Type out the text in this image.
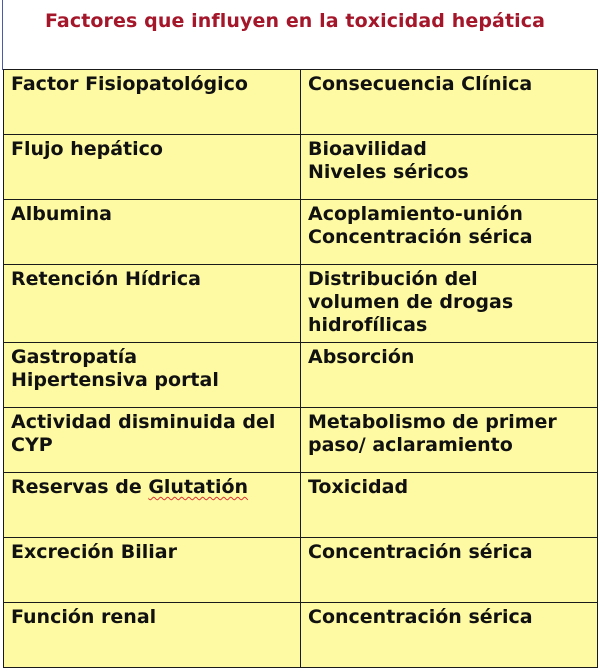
Factores que influyen en la toxicidad hepática
Factor Fisiopatológico	Consecuencia Clínica

Flujo hepático	Bioavilidad
Niveles séricos

Albumina	Acoplamiento-unión
Concentración sérica

Retención Hídrica	Distribución del
volumen de drogas
hidrofílicas

Gastropatía
Hipertensiva portal	Absorción

Actividad disminuida del
CYP	Metabolismo de primer
paso/ aclaramiento

Reservas de Glutatión	Toxicidad

Excreción Biliar	Concentración sérica

Función renal	Concentración sérica
